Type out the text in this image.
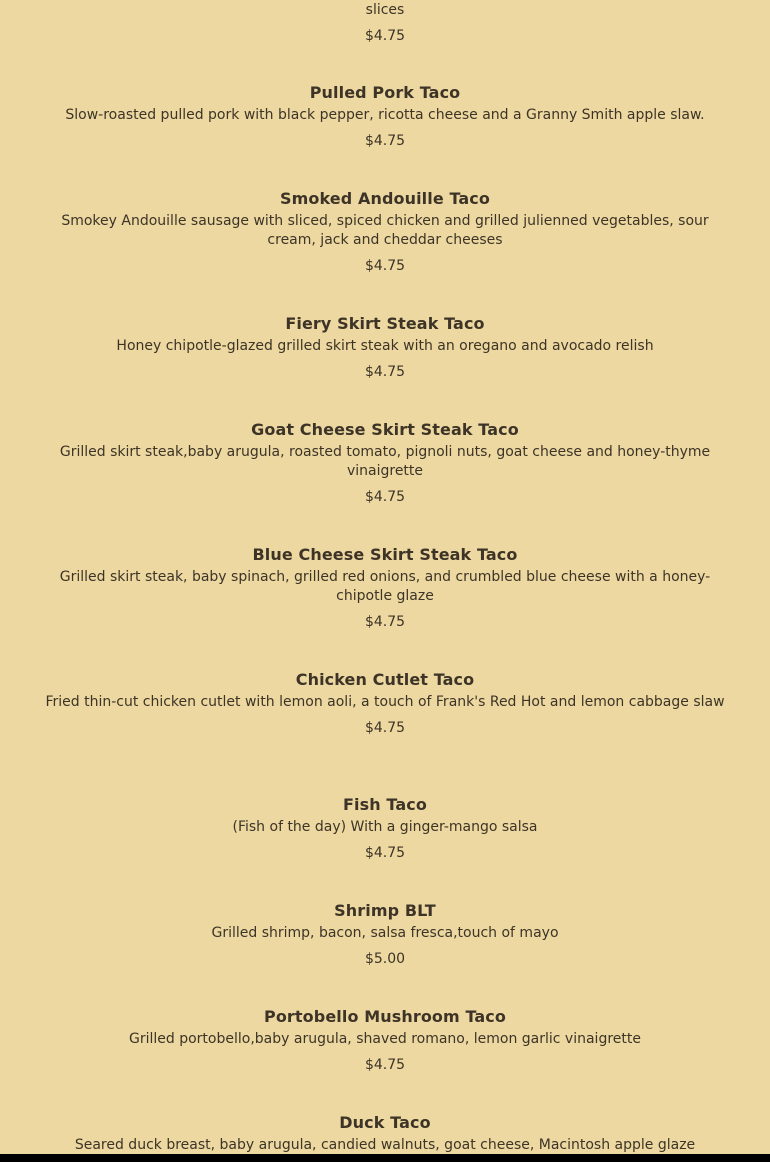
slices

$4.75

Pulled Pork Taco

Slow-roasted pulled pork with black pepper, ricotta cheese and a Granny Smith apple slaw.

$4.75

Smoked Andouille Taco

Smokey Andouille sausage with sliced, spiced chicken and grilled julienned vegetables, sour cream, jack and cheddar cheeses

$4.75

Fiery Skirt Steak Taco

Honey chipotle-glazed grilled skirt steak with an oregano and avocado relish

$4.75

Goat Cheese Skirt Steak Taco

Grilled skirt steak,baby arugula, roasted tomato, pignoli nuts, goat cheese and honey-thyme vinaigrette

$4.75

Blue Cheese Skirt Steak Taco

Grilled skirt steak, baby spinach, grilled red onions, and crumbled blue cheese with a honey-chipotle glaze

$4.75

Chicken Cutlet Taco

Fried thin-cut chicken cutlet with lemon aoli, a touch of Frank's Red Hot and lemon cabbage slaw

$4.75

Fish Taco

(Fish of the day) With a ginger-mango salsa

$4.75

Shrimp BLT

Grilled shrimp, bacon, salsa fresca,touch of mayo

$5.00

Portobello Mushroom Taco

Grilled portobello,baby arugula, shaved romano, lemon garlic vinaigrette

$4.75

Duck Taco

Seared duck breast, baby arugula, candied walnuts, goat cheese, Macintosh apple glaze
